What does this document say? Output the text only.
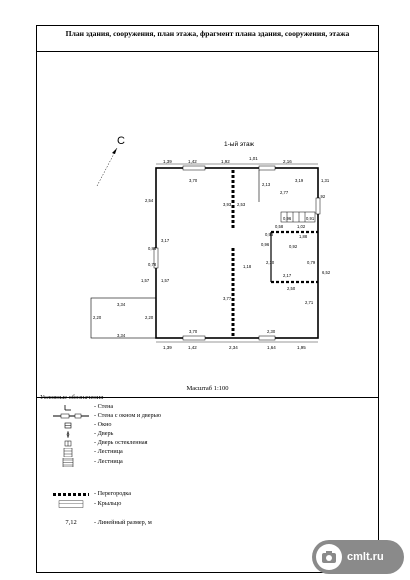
План здания, сооружения, план этажа, фрагмент плана здания, сооружения, этажа
С	1-ый этаж
1,39	1,42	1,92
1,01
2,16
3,70
2,13
3,93
3,19
2,10
2,53
2,77
1,18
3,77
2,71
3,70	2,30
3,34
3,34
2,20	2,20
2,54
0,86
3,17
0,78
1,57	1,57
0,58
0,96
1,02
0,91
0,92
2,17
2,50
0,96
0,96
0,79
6,52
1,31
1,92
1,88
1,39	1,42	2,34	1,64	1,95
Масштаб 1:100
Условные обозначения
- Стена
- Стена с окном и дверью
- Окно
- Дверь
- Дверь остекленная
- Лестница
- Лестница
- Перегородка
- Крыльцо
7,12	- Линейный размер, м
cmlt.ru
